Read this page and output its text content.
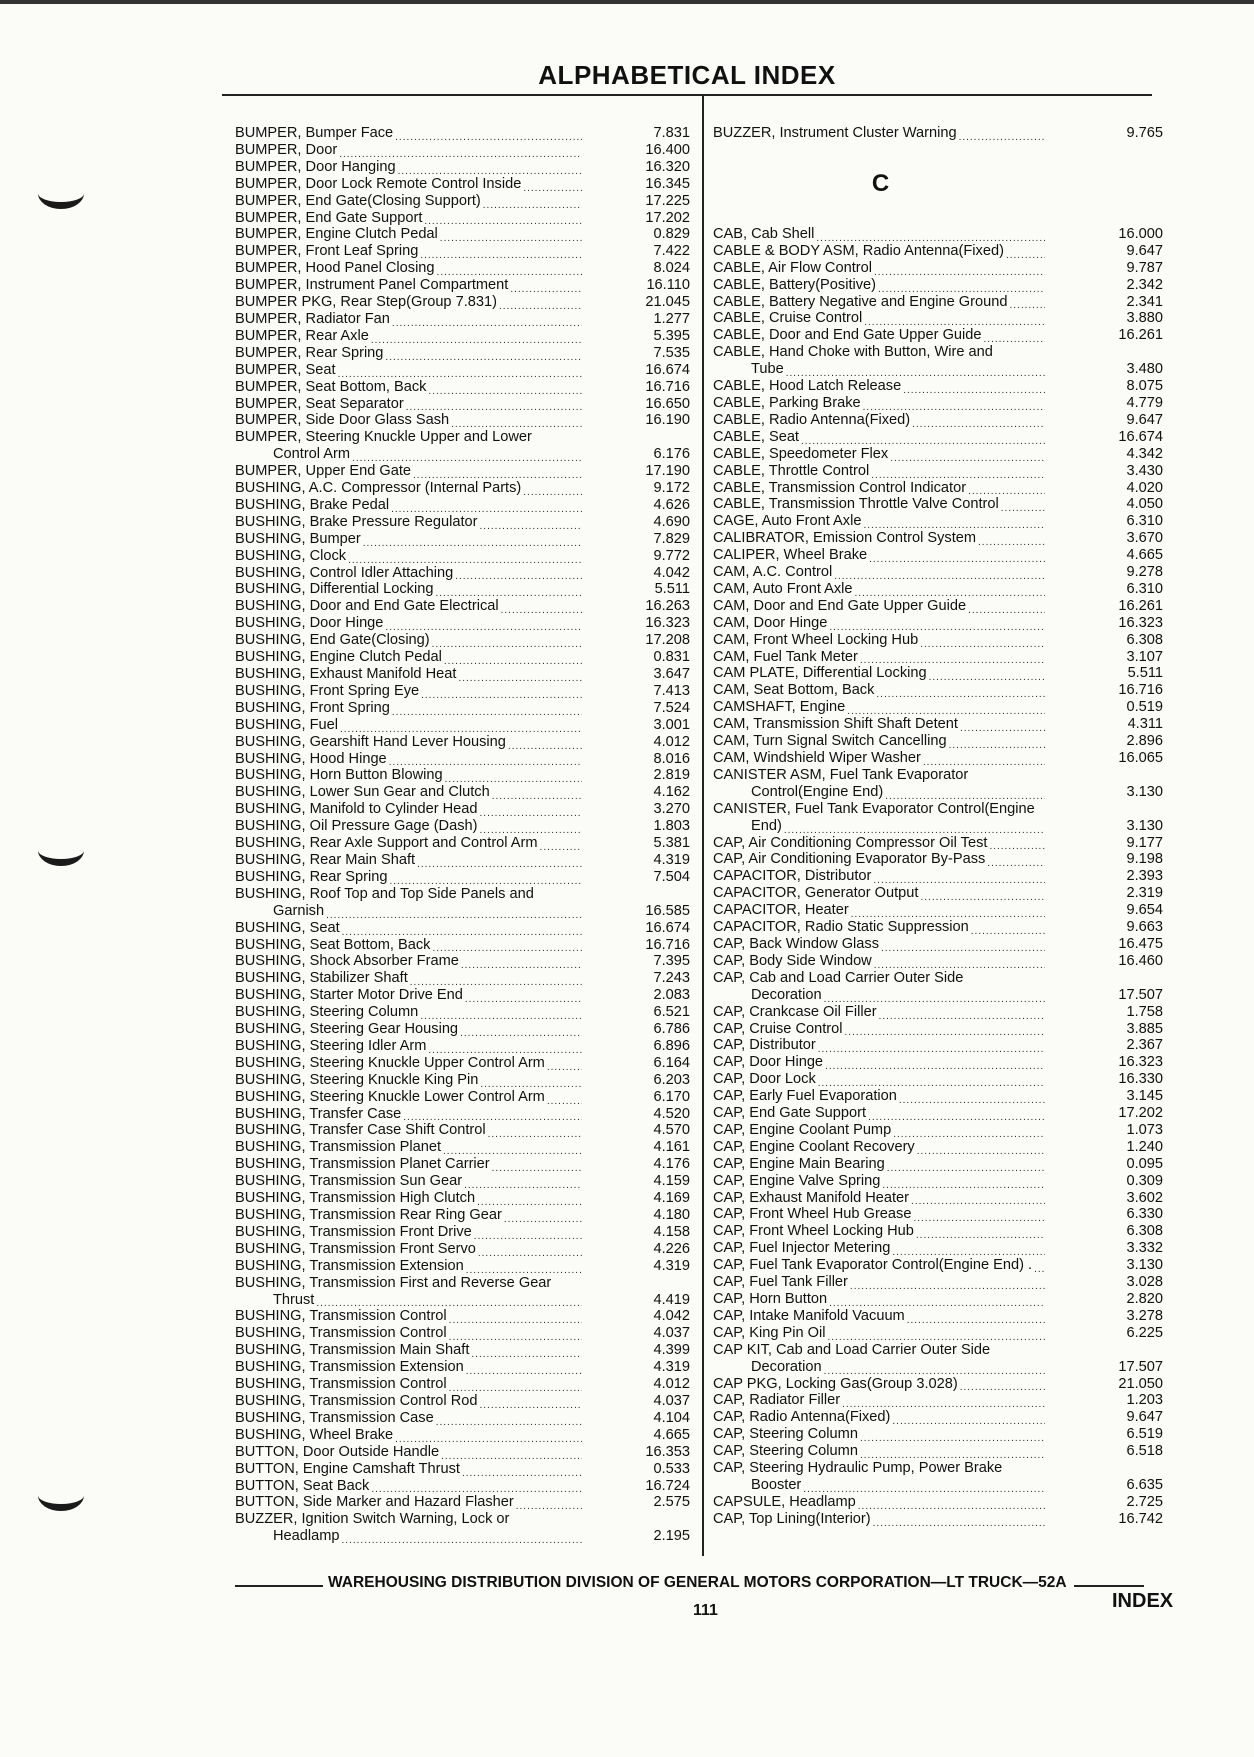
ALPHABETICAL INDEX
BUMPER, Bumper Face .....	7.831
BUMPER, Door .....	16.400
BUMPER, Door Hanging .....	16.320
BUMPER, Door Lock Remote Control Inside .....	16.345
BUMPER, End Gate(Closing Support) .....	17.225
BUMPER, End Gate Support .....	17.202
BUMPER, Engine Clutch Pedal .....	0.829
BUMPER, Front Leaf Spring .....	7.422
BUMPER, Hood Panel Closing .....	8.024
BUMPER, Instrument Panel Compartment .....	16.110
BUMPER PKG, Rear Step(Group 7.831) .....	21.045
BUMPER, Radiator Fan .....	1.277
BUMPER, Rear Axle .....	5.395
BUMPER, Rear Spring .....	7.535
BUMPER, Seat .....	16.674
BUMPER, Seat Bottom, Back .....	16.716
BUMPER, Seat Separator .....	16.650
BUMPER, Side Door Glass Sash .....	16.190
BUMPER, Steering Knuckle Upper and Lower
Control Arm .....	6.176
BUMPER, Upper End Gate .....	17.190
BUSHING, A.C. Compressor (Internal Parts) .....	9.172
BUSHING, Brake Pedal .....	4.626
BUSHING, Brake Pressure Regulator .....	4.690
BUSHING, Bumper .....	7.829
BUSHING, Clock .....	9.772
BUSHING, Control Idler Attaching .....	4.042
BUSHING, Differential Locking .....	5.511
BUSHING, Door and End Gate Electrical .....	16.263
BUSHING, Door Hinge .....	16.323
BUSHING, End Gate(Closing) .....	17.208
BUSHING, Engine Clutch Pedal .....	0.831
BUSHING, Exhaust Manifold Heat .....	3.647
BUSHING, Front Spring Eye .....	7.413
BUSHING, Front Spring .....	7.524
BUSHING, Fuel .....	3.001
BUSHING, Gearshift Hand Lever Housing .....	4.012
BUSHING, Hood Hinge .....	8.016
BUSHING, Horn Button Blowing .....	2.819
BUSHING, Lower Sun Gear and Clutch .....	4.162
BUSHING, Manifold to Cylinder Head .....	3.270
BUSHING, Oil Pressure Gage (Dash) .....	1.803
BUSHING, Rear Axle Support and Control Arm .....	5.381
BUSHING, Rear Main Shaft .....	4.319
BUSHING, Rear Spring .....	7.504
BUSHING, Roof Top and Top Side Panels and
Garnish .....	16.585
BUSHING, Seat .....	16.674
BUSHING, Seat Bottom, Back .....	16.716
BUSHING, Shock Absorber Frame .....	7.395
BUSHING, Stabilizer Shaft .....	7.243
BUSHING, Starter Motor Drive End .....	2.083
BUSHING, Steering Column .....	6.521
BUSHING, Steering Gear Housing .....	6.786
BUSHING, Steering Idler Arm .....	6.896
BUSHING, Steering Knuckle Upper Control Arm .....	6.164
BUSHING, Steering Knuckle King Pin .....	6.203
BUSHING, Steering Knuckle Lower Control Arm .....	6.170
BUSHING, Transfer Case .....	4.520
BUSHING, Transfer Case Shift Control .....	4.570
BUSHING, Transmission Planet .....	4.161
BUSHING, Transmission Planet Carrier .....	4.176
BUSHING, Transmission Sun Gear .....	4.159
BUSHING, Transmission High Clutch .....	4.169
BUSHING, Transmission Rear Ring Gear .....	4.180
BUSHING, Transmission Front Drive .....	4.158
BUSHING, Transmission Front Servo .....	4.226
BUSHING, Transmission Extension .....	4.319
BUSHING, Transmission First and Reverse Gear
Thrust .....	4.419
BUSHING, Transmission Control .....	4.042
BUSHING, Transmission Control .....	4.037
BUSHING, Transmission Main Shaft .....	4.399
BUSHING, Transmission Extension .....	4.319
BUSHING, Transmission Control .....	4.012
BUSHING, Transmission Control Rod .....	4.037
BUSHING, Transmission Case .....	4.104
BUSHING, Wheel Brake .....	4.665
BUTTON, Door Outside Handle .....	16.353
BUTTON, Engine Camshaft Thrust .....	0.533
BUTTON, Seat Back .....	16.724
BUTTON, Side Marker and Hazard Flasher .....	2.575
BUZZER, Ignition Switch Warning, Lock or
Headlamp .....	2.195
BUZZER, Instrument Cluster Warning .....	9.765
C
CAB, Cab Shell .....	16.000
CABLE & BODY ASM, Radio Antenna(Fixed) .....	9.647
CABLE, Air Flow Control .....	9.787
CABLE, Battery(Positive) .....	2.342
CABLE, Battery Negative and Engine Ground .....	2.341
CABLE, Cruise Control .....	3.880
CABLE, Door and End Gate Upper Guide .....	16.261
CABLE, Hand Choke with Button, Wire and
Tube .....	3.480
CABLE, Hood Latch Release .....	8.075
CABLE, Parking Brake .....	4.779
CABLE, Radio Antenna(Fixed) .....	9.647
CABLE, Seat .....	16.674
CABLE, Speedometer Flex .....	4.342
CABLE, Throttle Control .....	3.430
CABLE, Transmission Control Indicator .....	4.020
CABLE, Transmission Throttle Valve Control .....	4.050
CAGE, Auto Front Axle .....	6.310
CALIBRATOR, Emission Control System .....	3.670
CALIPER, Wheel Brake .....	4.665
CAM, A.C. Control .....	9.278
CAM, Auto Front Axle .....	6.310
CAM, Door and End Gate Upper Guide .....	16.261
CAM, Door Hinge .....	16.323
CAM, Front Wheel Locking Hub .....	6.308
CAM, Fuel Tank Meter .....	3.107
CAM PLATE, Differential Locking .....	5.511
CAM, Seat Bottom, Back .....	16.716
CAMSHAFT, Engine .....	0.519
CAM, Transmission Shift Shaft Detent .....	4.311
CAM, Turn Signal Switch Cancelling .....	2.896
CAM, Windshield Wiper Washer .....	16.065
CANISTER ASM, Fuel Tank Evaporator
Control(Engine End) .....	3.130
CANISTER, Fuel Tank Evaporator Control(Engine
End) .....	3.130
CAP, Air Conditioning Compressor Oil Test .....	9.177
CAP, Air Conditioning Evaporator By-Pass .....	9.198
CAPACITOR, Distributor .....	2.393
CAPACITOR, Generator Output .....	2.319
CAPACITOR, Heater .....	9.654
CAPACITOR, Radio Static Suppression .....	9.663
CAP, Back Window Glass .....	16.475
CAP, Body Side Window .....	16.460
CAP, Cab and Load Carrier Outer Side
Decoration .....	17.507
CAP, Crankcase Oil Filler .....	1.758
CAP, Cruise Control .....	3.885
CAP, Distributor .....	2.367
CAP, Door Hinge .....	16.323
CAP, Door Lock .....	16.330
CAP, Early Fuel Evaporation .....	3.145
CAP, End Gate Support .....	17.202
CAP, Engine Coolant Pump .....	1.073
CAP, Engine Coolant Recovery .....	1.240
CAP, Engine Main Bearing .....	0.095
CAP, Engine Valve Spring .....	0.309
CAP, Exhaust Manifold Heater .....	3.602
CAP, Front Wheel Hub Grease .....	6.330
CAP, Front Wheel Locking Hub .....	6.308
CAP, Fuel Injector Metering .....	3.332
CAP, Fuel Tank Evaporator Control(Engine End) . .....	3.130
CAP, Fuel Tank Filler .....	3.028
CAP, Horn Button .....	2.820
CAP, Intake Manifold Vacuum .....	3.278
CAP, King Pin Oil .....	6.225
CAP KIT, Cab and Load Carrier Outer Side
Decoration .....	17.507
CAP PKG, Locking Gas(Group 3.028) .....	21.050
CAP, Radiator Filler .....	1.203
CAP, Radio Antenna(Fixed) .....	9.647
CAP, Steering Column .....	6.519
CAP, Steering Column .....	6.518
CAP, Steering Hydraulic Pump, Power Brake
Booster .....	6.635
CAPSULE, Headlamp .....	2.725
CAP, Top Lining(Interior) .....	16.742
WAREHOUSING DISTRIBUTION DIVISION OF GENERAL MOTORS CORPORATION—LT TRUCK—52A
INDEX
111
